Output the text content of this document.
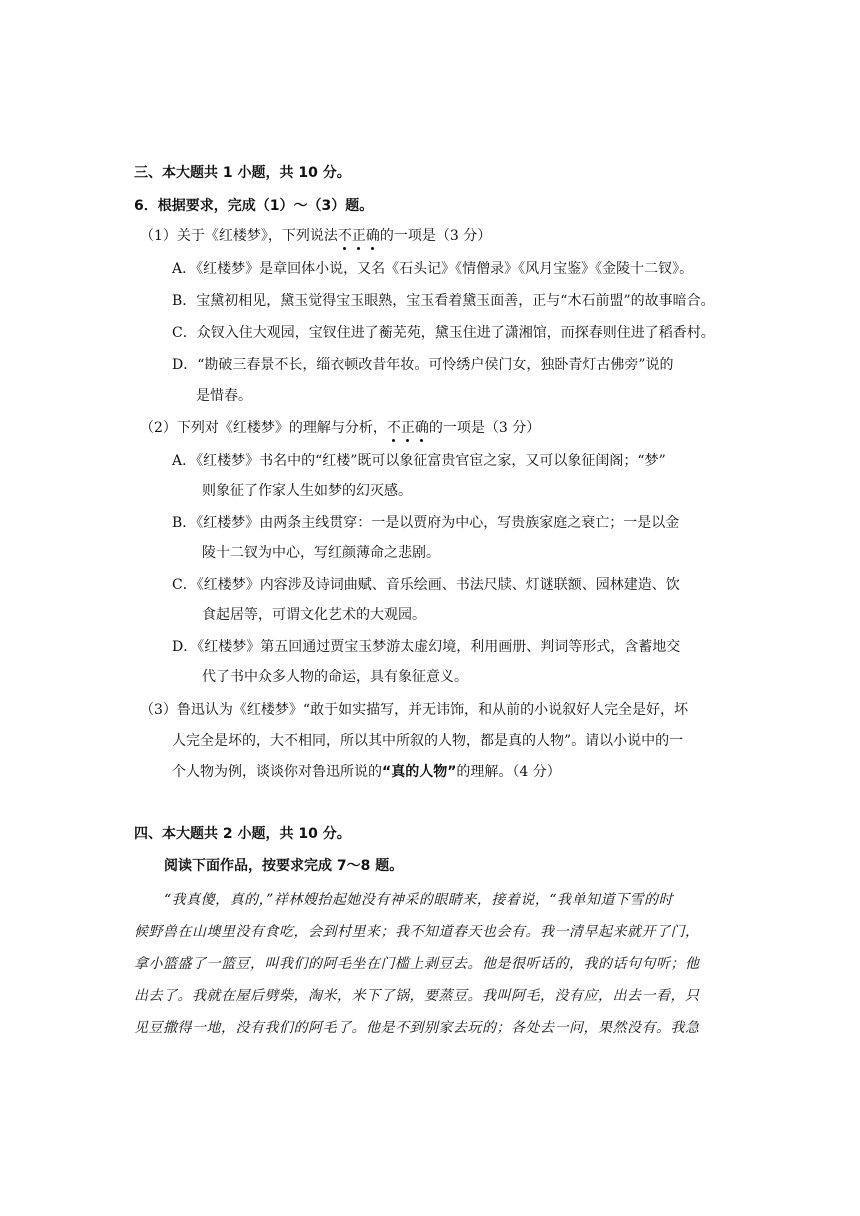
三、本大题共 1 小题，共 10 分。
6．根据要求，完成（1）～（3）题。
（1）关于《红楼梦》，下列说法不正确的一项是（3 分）
A．《红楼梦》是章回体小说，又名《石头记》《情僧录》《风月宝鉴》《金陵十二钗》。
B．宝黛初相见，黛玉觉得宝玉眼熟，宝玉看着黛玉面善，正与“木石前盟”的故事暗合。
C．众钗入住大观园，宝钗住进了蘅芜苑，黛玉住进了潇湘馆，而探春则住进了稻香村。
D．“勘破三春景不长，缁衣顿改昔年妆。可怜绣户侯门女，独卧青灯古佛旁”说的
是惜春。
（2）下列对《红楼梦》的理解与分析，不正确的一项是（3 分）
A．《红楼梦》书名中的“红楼”既可以象征富贵官宦之家，又可以象征闺阁；“梦”
则象征了作家人生如梦的幻灭感。
B．《红楼梦》由两条主线贯穿：一是以贾府为中心，写贵族家庭之衰亡；一是以金
陵十二钗为中心，写红颜薄命之悲剧。
C．《红楼梦》内容涉及诗词曲赋、音乐绘画、书法尺牍、灯谜联额、园林建造、饮
食起居等，可谓文化艺术的大观园。
D．《红楼梦》第五回通过贾宝玉梦游太虚幻境，利用画册、判词等形式，含蓄地交
代了书中众多人物的命运，具有象征意义。
（3）鲁迅认为《红楼梦》“敢于如实描写，并无讳饰，和从前的小说叙好人完全是好，坏
人完全是坏的，大不相同，所以其中所叙的人物，都是真的人物”。请以小说中的一
个人物为例，谈谈你对鲁迅所说的“真的人物”的理解。（4 分）
四、本大题共 2 小题，共 10 分。
阅读下面作品，按要求完成 7～8 题。
“我真傻，真的，”祥林嫂抬起她没有神采的眼睛来，接着说，“我单知道下雪的时
候野兽在山墺里没有食吃，会到村里来；我不知道春天也会有。我一清早起来就开了门，
拿小篮盛了一篮豆，叫我们的阿毛坐在门槛上剥豆去。他是很听话的，我的话句句听；他
出去了。我就在屋后劈柴，淘米，米下了锅，要蒸豆。我叫阿毛，没有应，出去一看，只
见豆撒得一地，没有我们的阿毛了。他是不到别家去玩的；各处去一问，果然没有。我急
